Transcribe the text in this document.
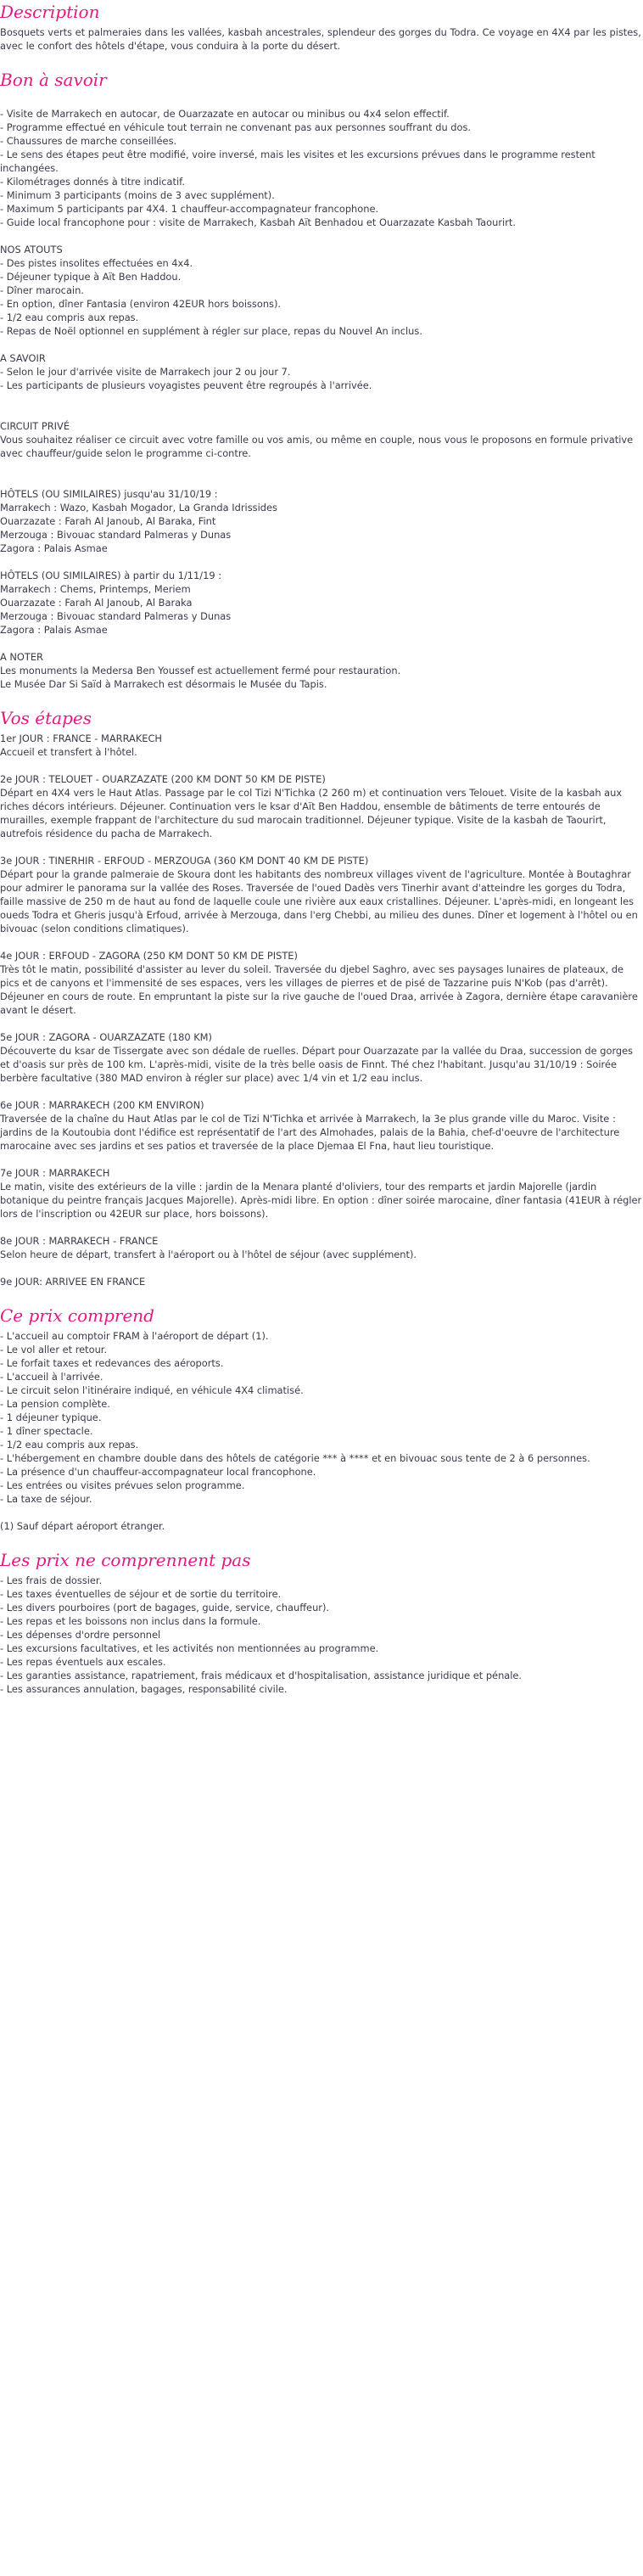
Description

Bosquets verts et palmeraies dans les vallées, kasbah ancestrales, splendeur des gorges du Todra. Ce voyage en 4X4 par les pistes, avec le confort des hôtels d'étape, vous conduira à la porte du désert.

Bon à savoir
- Visite de Marrakech en autocar, de Ouarzazate en autocar ou minibus ou 4x4 selon effectif.
- Programme effectué en véhicule tout terrain ne convenant pas aux personnes souffrant du dos.
- Chaussures de marche conseillées.
- Le sens des étapes peut être modifié, voire inversé, mais les visites et les excursions prévues dans le programme restent inchangées.
- Kilométrages donnés à titre indicatif.
- Minimum 3 participants (moins de 3 avec supplément).
- Maximum 5 participants par 4X4. 1 chauffeur-accompagnateur francophone.
- Guide local francophone pour : visite de Marrakech, Kasbah Aït Benhadou et Ouarzazate Kasbah Taourirt.
NOS ATOUTS
- Des pistes insolites effectuées en 4x4.
- Déjeuner typique à Aït Ben Haddou.
- Dîner marocain.
- En option, dîner Fantasia (environ 42EUR hors boissons).
- 1/2 eau compris aux repas.
- Repas de Noël optionnel en supplément à régler sur place, repas du Nouvel An inclus.
A SAVOIR
- Selon le jour d'arrivée visite de Marrakech jour 2 ou jour 7.
- Les participants de plusieurs voyagistes peuvent être regroupés à l'arrivée.
CIRCUIT PRIVÉ
Vous souhaitez réaliser ce circuit avec votre famille ou vos amis, ou même en couple, nous vous le proposons en formule privative avec chauffeur/guide selon le programme ci-contre.
HÔTELS (OU SIMILAIRES) jusqu'au 31/10/19 :
Marrakech : Wazo, Kasbah Mogador, La Granda Idrissides
Ouarzazate : Farah Al Janoub, Al Baraka, Fint
Merzouga : Bivouac standard Palmeras y Dunas
Zagora : Palais Asmae
HÔTELS (OU SIMILAIRES) à partir du 1/11/19 :
Marrakech : Chems, Printemps, Meriem
Ouarzazate : Farah Al Janoub, Al Baraka
Merzouga : Bivouac standard Palmeras y Dunas
Zagora : Palais Asmae
A NOTER
Les monuments la Medersa Ben Youssef est actuellement fermé pour restauration.
Le Musée Dar Si Saïd à Marrakech est désormais le Musée du Tapis.
Vos étapes

1er JOUR : FRANCE - MARRAKECH

Accueil et transfert à l'hôtel.

2e JOUR : TELOUET - OUARZAZATE (200 KM DONT 50 KM DE PISTE)

Départ en 4X4 vers le Haut Atlas. Passage par le col Tizi N'Tichka (2 260 m) et continuation vers Telouet. Visite de la kasbah aux riches décors intérieurs. Déjeuner. Continuation vers le ksar d'Aït Ben Haddou, ensemble de bâtiments de terre entourés de murailles, exemple frappant de l'architecture du sud marocain traditionnel. Déjeuner typique. Visite de la kasbah de Taourirt, autrefois résidence du pacha de Marrakech.

3e JOUR : TINERHIR - ERFOUD - MERZOUGA (360 KM DONT 40 KM DE PISTE)

Départ pour la grande palmeraie de Skoura dont les habitants des nombreux villages vivent de l'agriculture. Montée à Boutaghrar pour admirer le panorama sur la vallée des Roses. Traversée de l'oued Dadès vers Tinerhir avant d'atteindre les gorges du Todra, faille massive de 250 m de haut au fond de laquelle coule une rivière aux eaux cristallines. Déjeuner. L'après-midi, en longeant les oueds Todra et Gheris jusqu'à Erfoud, arrivée à Merzouga, dans l'erg Chebbi, au milieu des dunes. Dîner et logement à l'hôtel ou en bivouac (selon conditions climatiques).

4e JOUR : ERFOUD - ZAGORA (250 KM DONT 50 KM DE PISTE)

Très tôt le matin, possibilité d'assister au lever du soleil. Traversée du djebel Saghro, avec ses paysages lunaires de plateaux, de pics et de canyons et l'immensité de ses espaces, vers les villages de pierres et de pisé de Tazzarine puis N'Kob (pas d'arrêt). Déjeuner en cours de route. En empruntant la piste sur la rive gauche de l'oued Draa, arrivée à Zagora, dernière étape caravanière avant le désert.

5e JOUR : ZAGORA - OUARZAZATE (180 KM)

Découverte du ksar de Tissergate avec son dédale de ruelles. Départ pour Ouarzazate par la vallée du Draa, succession de gorges et d'oasis sur près de 100 km. L'après-midi, visite de la très belle oasis de Finnt. Thé chez l'habitant. Jusqu'au 31/10/19 : Soirée berbère facultative (380 MAD environ à régler sur place) avec 1/4 vin et 1/2 eau inclus.

6e JOUR : MARRAKECH (200 KM ENVIRON)

Traversée de la chaîne du Haut Atlas par le col de Tizi N'Tichka et arrivée à Marrakech, la 3e plus grande ville du Maroc. Visite : jardins de la Koutoubia dont l'édifice est représentatif de l'art des Almohades, palais de la Bahia, chef-d'oeuvre de l'architecture marocaine avec ses jardins et ses patios et traversée de la place Djemaa El Fna, haut lieu touristique.

7e JOUR : MARRAKECH

Le matin, visite des extérieurs de la ville : jardin de la Menara planté d'oliviers, tour des remparts et jardin Majorelle (jardin botanique du peintre français Jacques Majorelle). Après-midi libre. En option : dîner soirée marocaine, dîner fantasia (41EUR à régler lors de l'inscription ou 42EUR sur place, hors boissons).

8e JOUR : MARRAKECH - FRANCE

Selon heure de départ, transfert à l'aéroport ou à l'hôtel de séjour (avec supplément).

9e JOUR: ARRIVEE EN FRANCE

Ce prix comprend
- L'accueil au comptoir FRAM à l'aéroport de départ (1).
- Le vol aller et retour.
- Le forfait taxes et redevances des aéroports.
- L'accueil à l'arrivée.
- Le circuit selon l'itinéraire indiqué, en véhicule 4X4 climatisé.
- La pension complète.
- 1 déjeuner typique.
- 1 dîner spectacle.
- 1/2 eau compris aux repas.
- L'hébergement en chambre double dans des hôtels de catégorie *** à **** et en bivouac sous tente de 2 à 6 personnes.
- La présence d'un chauffeur-accompagnateur local francophone.
- Les entrées ou visites prévues selon programme.
- La taxe de séjour.
(1) Sauf départ aéroport étranger.
Les prix ne comprennent pas
- Les frais de dossier.
- Les taxes éventuelles de séjour et de sortie du territoire.
- Les divers pourboires (port de bagages, guide, service, chauffeur).
- Les repas et les boissons non inclus dans la formule.
- Les dépenses d'ordre personnel
- Les excursions facultatives, et les activités non mentionnées au programme.
- Les repas éventuels aux escales.
- Les garanties assistance, rapatriement, frais médicaux et d'hospitalisation, assistance juridique et pénale.
- Les assurances annulation, bagages, responsabilité civile.
